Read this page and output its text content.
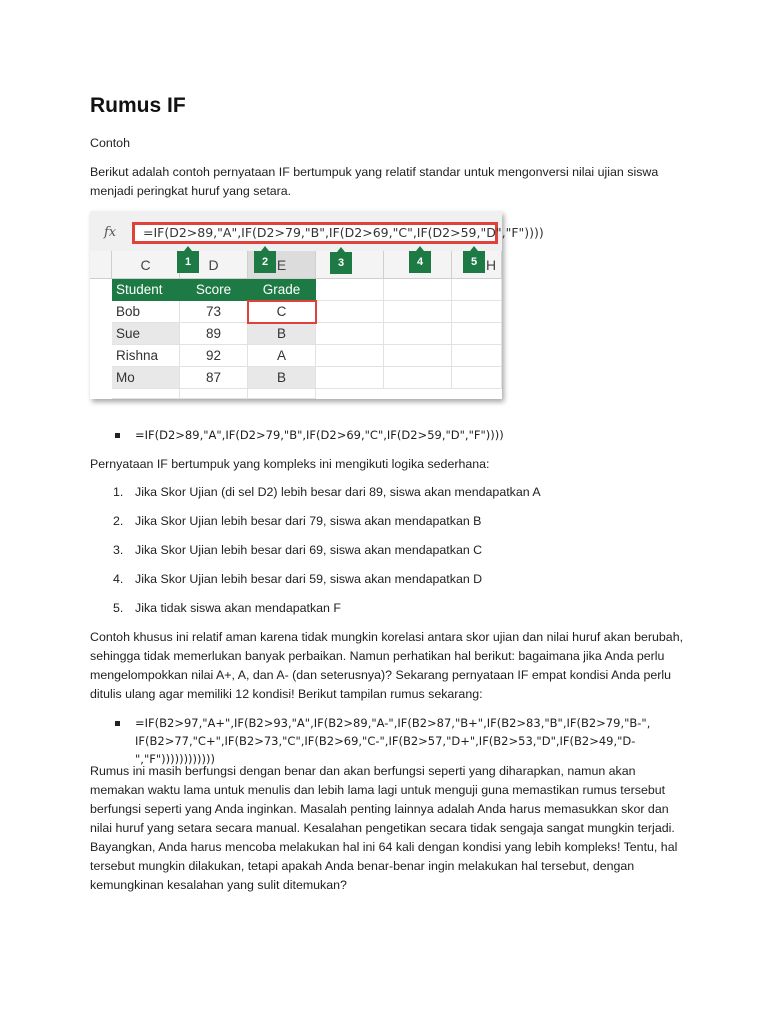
Rumus IF

Contoh

Berikut adalah contoh pernyataan IF bertumpuk yang relatif standar untuk mengonversi nilai ujian siswa menjadi peringkat huruf yang setara.

fx	=IF(D2>89,"A",IF(D2>79,"B",IF(D2>69,"C",IF(D2>59,"D","F"))))
C	D	E	H
Student	Score	Grade
Bob	73	C
Sue	89	B
Rishna	92	A
Mo	87	B
1	2	3	4	5
=IF(D2>89,"A",IF(D2>79,"B",IF(D2>69,"C",IF(D2>59,"D","F"))))

Pernyataan IF bertumpuk yang kompleks ini mengikuti logika sederhana:

1. Jika Skor Ujian (di sel D2) lebih besar dari 89, siswa akan mendapatkan A
2. Jika Skor Ujian lebih besar dari 79, siswa akan mendapatkan B
3. Jika Skor Ujian lebih besar dari 69, siswa akan mendapatkan C
4. Jika Skor Ujian lebih besar dari 59, siswa akan mendapatkan D
5. Jika tidak siswa akan mendapatkan F

Contoh khusus ini relatif aman karena tidak mungkin korelasi antara skor ujian dan nilai huruf akan berubah, sehingga tidak memerlukan banyak perbaikan. Namun perhatikan hal berikut: bagaimana jika Anda perlu mengelompokkan nilai A+, A, dan A- (dan seterusnya)? Sekarang pernyataan IF empat kondisi Anda perlu ditulis ulang agar memiliki 12 kondisi! Berikut tampilan rumus sekarang:

=IF(B2>97,"A+",IF(B2>93,"A",IF(B2>89,"A-",IF(B2>87,"B+",IF(B2>83,"B",IF(B2>79,"B-",
IF(B2>77,"C+",IF(B2>73,"C",IF(B2>69,"C-",IF(B2>57,"D+",IF(B2>53,"D",IF(B2>49,"D-","F"))))))))))))

Rumus ini masih berfungsi dengan benar dan akan berfungsi seperti yang diharapkan, namun akan memakan waktu lama untuk menulis dan lebih lama lagi untuk menguji guna memastikan rumus tersebut berfungsi seperti yang Anda inginkan. Masalah penting lainnya adalah Anda harus memasukkan skor dan nilai huruf yang setara secara manual. Kesalahan pengetikan secara tidak sengaja sangat mungkin terjadi. Bayangkan, Anda harus mencoba melakukan hal ini 64 kali dengan kondisi yang lebih kompleks! Tentu, hal tersebut mungkin dilakukan, tetapi apakah Anda benar-benar ingin melakukan hal tersebut, dengan kemungkinan kesalahan yang sulit ditemukan?
